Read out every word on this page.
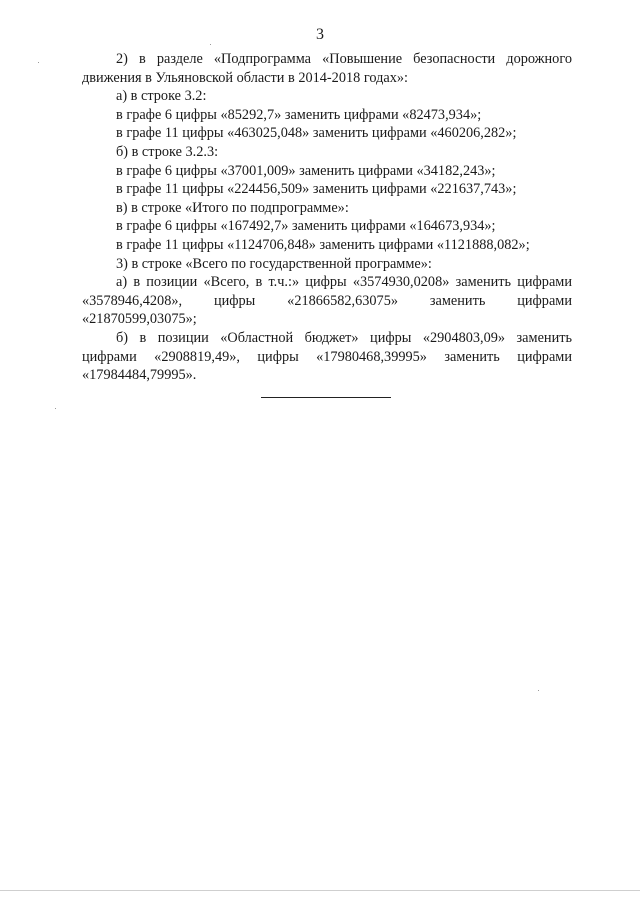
3

2) в разделе «Подпрограмма «Повышение безопасности дорожного движения в Ульяновской области в 2014-2018 годах»:

а) в строке 3.2:

в графе 6 цифры «85292,7» заменить цифрами «82473,934»;

в графе 11 цифры «463025,048» заменить цифрами «460206,282»;

б) в строке 3.2.3:

в графе 6 цифры «37001,009» заменить цифрами «34182,243»;

в графе 11 цифры «224456,509» заменить цифрами «221637,743»;

в) в строке «Итого по подпрограмме»:

в графе 6 цифры «167492,7» заменить цифрами «164673,934»;

в графе 11 цифры «1124706,848» заменить цифрами «1121888,082»;

3) в строке «Всего по государственной программе»:

а) в позиции «Всего, в т.ч.:» цифры «3574930,0208» заменить цифрами «3578946,4208», цифры «21866582,63075» заменить цифрами «21870599,03075»;

б) в позиции «Областной бюджет» цифры «2904803,09» заменить цифрами «2908819,49», цифры «17980468,39995» заменить цифрами «17984484,79995».
